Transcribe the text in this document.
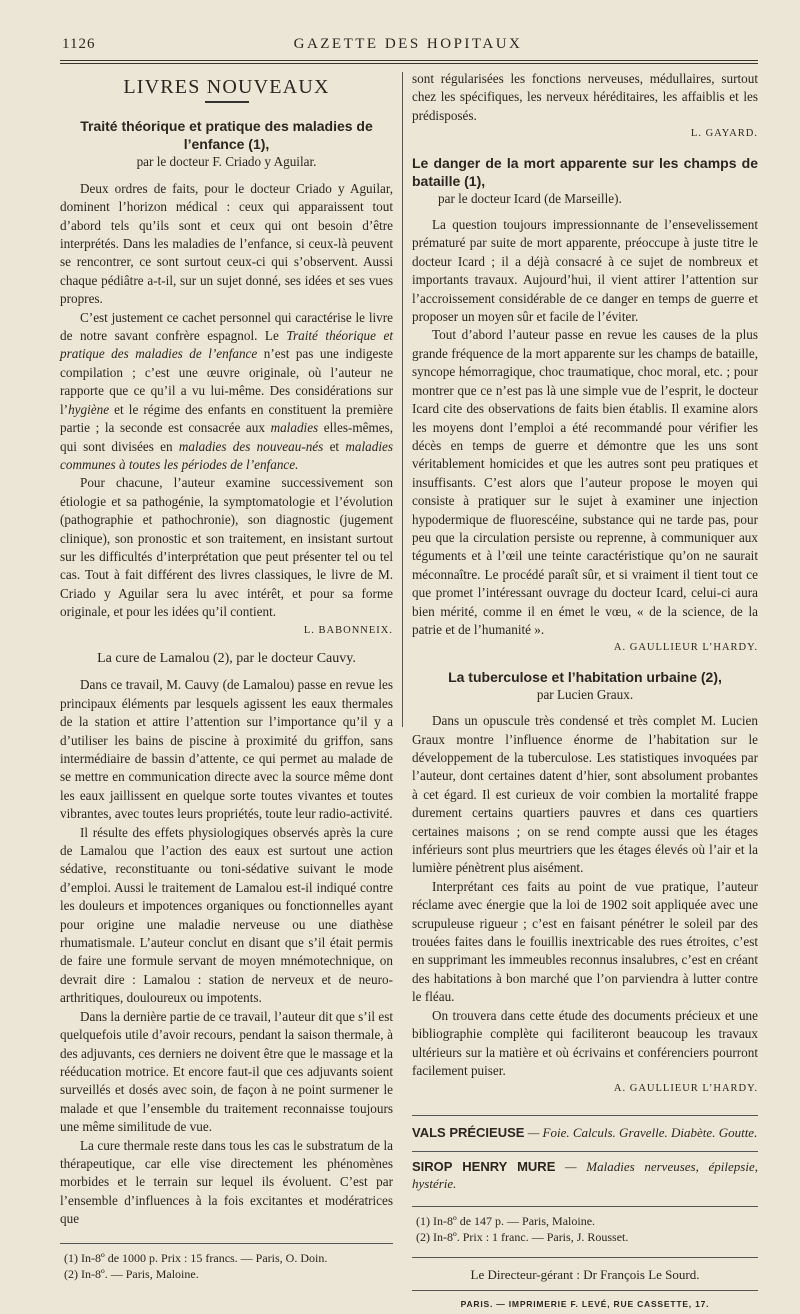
1126	GAZETTE DES HOPITAUX
LIVRES NOUVEAUX
Traité théorique et pratique des maladies de l’enfance (1),
par le docteur F. Criado y Aguilar.

Deux ordres de faits, pour le docteur Criado y Aguilar, dominent l’horizon médical : ceux qui apparaissent tout d’abord tels qu’ils sont et ceux qui ont besoin d’être interprétés. Dans les maladies de l’enfance, si ceux-là peuvent se rencontrer, ce sont surtout ceux-ci qui s’observent. Aussi chaque pédiâtre a-t-il, sur un sujet donné, ses idées et ses vues propres.

C’est justement ce cachet personnel qui caractérise le livre de notre savant confrère espagnol. Le Traité théorique et pratique des maladies de l’enfance n’est pas une indigeste compilation ; c’est une œuvre originale, où l’auteur ne rapporte que ce qu’il a vu lui-même. Des considérations sur l’hygiène et le régime des enfants en constituent la première partie ; la seconde est consacrée aux maladies elles-mêmes, qui sont divisées en maladies des nouveau-nés et maladies communes à toutes les périodes de l’enfance.

Pour chacune, l’auteur examine successivement son étiologie et sa pathogénie, la symptomatologie et l’évolution (pathographie et pathochronie), son diagnostic (jugement clinique), son pronostic et son traitement, en insistant surtout sur les difficultés d’interprétation que peut présenter tel ou tel cas. Tout à fait différent des livres classiques, le livre de M. Criado y Aguilar sera lu avec intérêt, et pour sa forme originale, et pour les idées qu’il contient.

L. BABONNEIX.

La cure de Lamalou (2), par le docteur Cauvy.

Dans ce travail, M. Cauvy (de Lamalou) passe en revue les principaux éléments par lesquels agissent les eaux thermales de la station et attire l’attention sur l’importance qu’il y a d’utiliser les bains de piscine à proximité du griffon, sans intermédiaire de bassin d’attente, ce qui permet au malade de se mettre en communication directe avec la source même dont les eaux jaillissent en quelque sorte toutes vivantes et toutes vibrantes, avec toutes leurs propriétés, toute leur radio-activité.

Il résulte des effets physiologiques observés après la cure de Lamalou que l’action des eaux est surtout une action sédative, reconstituante ou toni-sédative suivant le mode d’emploi. Aussi le traitement de Lamalou est-il indiqué contre les douleurs et impotences organiques ou fonctionnelles ayant pour origine une maladie nerveuse ou une diathèse rhumatismale. L’auteur conclut en disant que s’il était permis de faire une formule servant de moyen mnémotechnique, on devrait dire : Lamalou : station de nerveux et de neuro-arthritiques, douloureux ou impotents.

Dans la dernière partie de ce travail, l’auteur dit que s’il est quelquefois utile d’avoir recours, pendant la saison thermale, à des adjuvants, ces derniers ne doivent être que le massage et la rééducation motrice. Et encore faut-il que ces adjuvants soient surveillés et dosés avec soin, de façon à ne point surmener le malade et que l’ensemble du traitement reconnaisse toujours une même similitude de vue.

La cure thermale reste dans tous les cas le substratum de la thérapeutique, car elle vise directement les phénomènes morbides et le terrain sur lequel ils évoluent. C’est par l’ensemble d’influences à la fois excitantes et modératrices que

(1) In-8º de 1000 p. Prix : 15 francs. — Paris, O. Doin.
(2) In-8º. — Paris, Maloine.

sont régularisées les fonctions nerveuses, médullaires, surtout chez les spécifiques, les nerveux héréditaires, les affaiblis et les prédisposés.

L. GAYARD.

Le danger de la mort apparente sur les champs de bataille (1),
par le docteur Icard (de Marseille).

La question toujours impressionnante de l’ensevelissement prématuré par suite de mort apparente, préoccupe à juste titre le docteur Icard ; il a déjà consacré à ce sujet de nombreux et importants travaux. Aujourd’hui, il vient attirer l’attention sur l’accroissement considérable de ce danger en temps de guerre et proposer un moyen sûr et facile de l’éviter.

Tout d’abord l’auteur passe en revue les causes de la plus grande fréquence de la mort apparente sur les champs de bataille, syncope hémorragique, choc traumatique, choc moral, etc. ; pour montrer que ce n’est pas là une simple vue de l’esprit, le docteur Icard cite des observations de faits bien établis. Il examine alors les moyens dont l’emploi a été recommandé pour vérifier les décès en temps de guerre et démontre que les uns sont véritablement homicides et que les autres sont peu pratiques et insuffisants. C’est alors que l’auteur propose le moyen qui consiste à pratiquer sur le sujet à examiner une injection hypodermique de fluorescéine, substance qui ne tarde pas, pour peu que la circulation persiste ou reprenne, à communiquer aux téguments et à l’œil une teinte caractéristique qu’on ne saurait méconnaître. Le procédé paraît sûr, et si vraiment il tient tout ce que promet l’intéressant ouvrage du docteur Icard, celui-ci aura bien mérité, comme il en émet le vœu, « de la science, de la patrie et de l’humanité ».

A. GAULLIEUR L’HARDY.

La tuberculose et l’habitation urbaine (2),
par Lucien Graux.

Dans un opuscule très condensé et très complet M. Lucien Graux montre l’influence énorme de l’habitation sur le développement de la tuberculose. Les statistiques invoquées par l’auteur, dont certaines datent d’hier, sont absolument probantes à cet égard. Il est curieux de voir combien la mortalité frappe durement certains quartiers pauvres et dans ces quartiers certaines maisons ; on se rend compte aussi que les étages inférieurs sont plus meurtriers que les étages élevés où l’air et la lumière pénètrent plus aisément.

Interprétant ces faits au point de vue pratique, l’auteur réclame avec énergie que la loi de 1902 soit appliquée avec une scrupuleuse rigueur ; c’est en faisant pénétrer le soleil par des trouées faites dans le fouillis inextricable des rues étroites, c’est en supprimant les immeubles reconnus insalubres, c’est en créant des habitations à bon marché que l’on parviendra à lutter contre le fléau.

On trouvera dans cette étude des documents précieux et une bibliographie complète qui faciliteront beaucoup les travaux ultérieurs sur la matière et où écrivains et conférenciers pourront facilement puiser.

A. GAULLIEUR L’HARDY.

VALS PRÉCIEUSE — Foie. Calculs. Gravelle. Diabète. Goutte.
SIROP HENRY MURE — Maladies nerveuses, épilepsie, hystérie.
(1) In-8º de 147 p. — Paris, Maloine.
(2) In-8º. Prix : 1 franc. — Paris, J. Rousset.
Le Directeur-gérant : Dr François Le Sourd.
PARIS. — IMPRIMERIE F. LEVÉ, RUE CASSETTE, 17.
